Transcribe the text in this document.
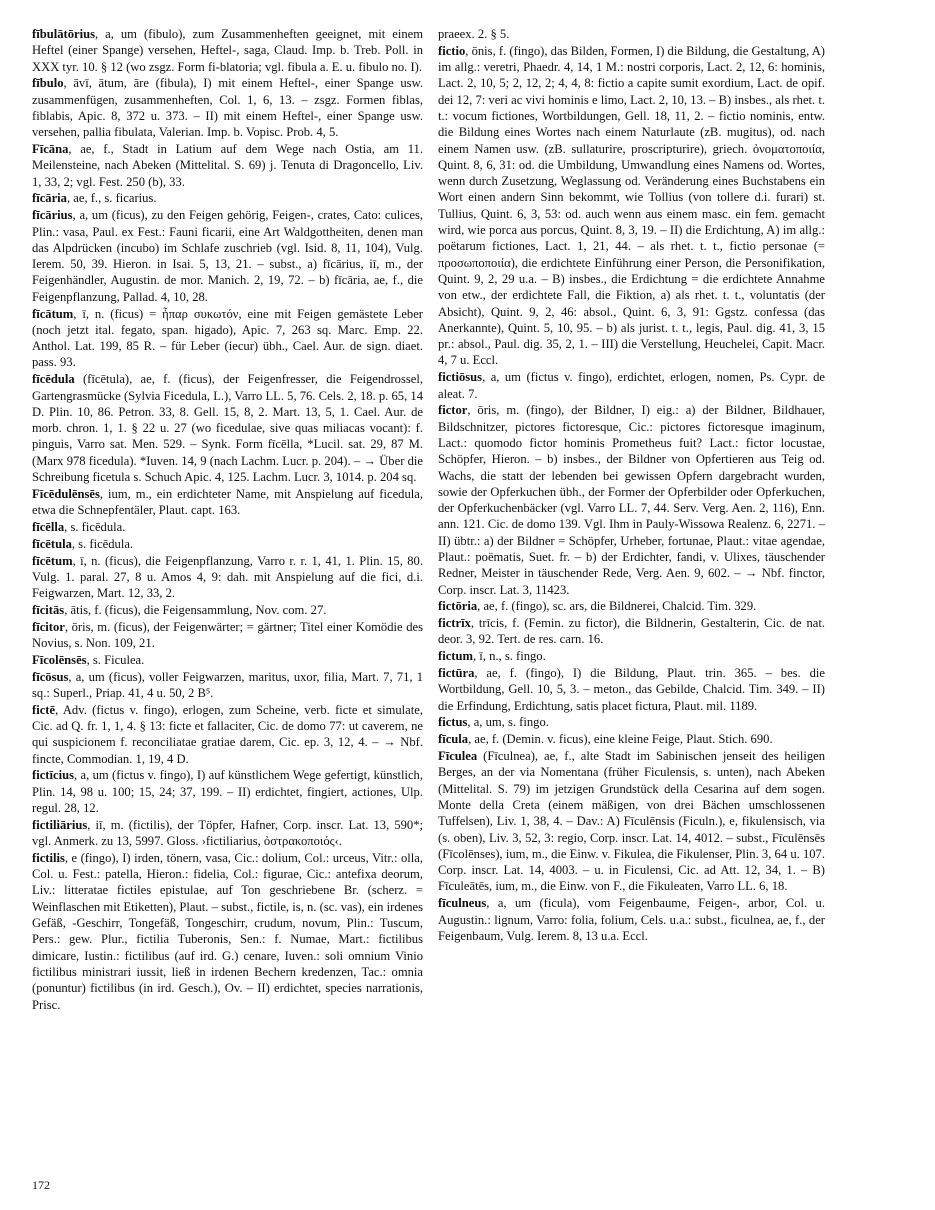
fībulātōrius, a, um (fibulo), zum Zusammenheften geeignet, mit einem Heftel (einer Spange) versehen, Heftel-, saga, Claud. Imp. b. Treb. Poll. in XXX tyr. 10. § 12 (wo zsgz. Form fi-blatoria; vgl. fibula a. E. u. fibulo no. I).
fībulo, āvī, ātum, āre (fibula), I) mit einem Heftel-, einer Spange usw. zusammenfügen, zusammenheften, Col. 1, 6, 13. – zsgz. Formen fiblas, fiblabis, Apic. 8, 372 u. 373. – II) mit einem Heftel-, einer Spange usw. versehen, pallia fibulata, Valerian. Imp. b. Vopisc. Prob. 4, 5.
Fīcāna, ae, f., Stadt in Latium auf dem Wege nach Ostia, am 11. Meilensteine, nach Abeken (Mittelital. S. 69) j. Tenuta di Dragoncello, Liv. 1, 33, 2; vgl. Fest. 250 (b), 33.
fīcāria, ae, f., s. ficarius.
fīcārius, a, um (ficus), zu den Feigen gehörig, Feigen-, crates, Cato: culices, Plin.: vasa, Paul. ex Fest.: Fauni ficarii, eine Art Waldgottheiten, denen man das Alpdrücken (incubo) im Schlafe zuschrieb (vgl. Isid. 8, 11, 104), Vulg. Ierem. 50, 39. Hieron. in Isai. 5, 13, 21. – subst., a) fīcārius, iī, m., der Feigenhändler, Augustin. de mor. Manich. 2, 19, 72. – b) fīcāria, ae, f., die Feigenpflanzung, Pallad. 4, 10, 28.
fīcātum, ī, n. (ficus) = ἧπαρ συκωτόν, eine mit Feigen gemästete Leber (noch jetzt ital. fegato, span. higado), Apic. 7, 263 sq. Marc. Emp. 22. Anthol. Lat. 199, 85 R. – für Leber (iecur) übh., Cael. Aur. de sign. diaet. pass. 93.
fīcēdula (fīcētula), ae, f. (ficus), der Feigenfresser, die Feigendrossel, Gartengrasmücke (Sylvia Ficedula, L.), Varro LL. 5, 76. Cels. 2, 18. p. 65, 14 D. Plin. 10, 86. Petron. 33, 8. Gell. 15, 8, 2. Mart. 13, 5, 1. Cael. Aur. de morb. chron. 1, 1. § 22 u. 27 (wo ficedulae, sive quas miliacas vocant): f. pinguis, Varro sat. Men. 529. – Synk. Form fīcēlla, *Lucil. sat. 29, 87 M. (Marx 978 ficedula). *Iuven. 14, 9 (nach Lachm. Lucr. p. 204). – → Über die Schreibung ficetula s. Schuch Apic. 4, 125. Lachm. Lucr. 3, 1014. p. 204 sq.
Fīcēdulēnsēs, ium, m., ein erdichteter Name, mit Anspielung auf ficedula, etwa die Schnepfentäler, Plaut. capt. 163.
fīcēlla, s. ficēdula.
fīcētula, s. ficēdula.
fīcētum, ī, n. (ficus), die Feigenpflanzung, Varro r. r. 1, 41, 1. Plin. 15, 80. Vulg. 1. paral. 27, 8 u. Amos 4, 9: dah. mit Anspielung auf die fici, d.i. Feigwarzen, Mart. 12, 33, 2.
fīcitās, ātis, f. (ficus), die Feigensammlung, Nov. com. 27.
fīcitor, ōris, m. (ficus), der Feigenwärter; = gärtner; Titel einer Komödie des Novius, s. Non. 109, 21.
Fīcolēnsēs, s. Ficulea.
fīcōsus, a, um (ficus), voller Feigwarzen, maritus, uxor, filia, Mart. 7, 71, 1 sq.: Superl., Priap. 41, 4 u. 50, 2 B⁵.
fictē, Adv. (fictus v. fingo), erlogen, zum Scheine, verb. ficte et simulate, Cic. ad Q. fr. 1, 1, 4. § 13: ficte et fallaciter, Cic. de domo 77: ut caverem, ne qui suspicionem f. reconciliatae gratiae darem, Cic. ep. 3, 12, 4. – → Nbf. fincte, Commodian. 1, 19, 4 D.
fictīcius, a, um (fictus v. fingo), I) auf künstlichem Wege gefertigt, künstlich, Plin. 14, 98 u. 100; 15, 24; 37, 199. – II) erdichtet, fingiert, actiones, Ulp. regul. 28, 12.
fictiliārius, iī, m. (fictilis), der Töpfer, Hafner, Corp. inscr. Lat. 13, 590*; vgl. Anmerk. zu 13, 5997. Gloss. ›fictiliarius, ὀστρακοποιός‹.
fictilis, e (fingo), I) irden, tönern, vasa, Cic.: dolium, Col.: urceus, Vitr.: olla, Col. u. Fest.: patella, Hieron.: fidelia, Col.: figurae, Cic.: antefixa deorum, Liv.: litteratae fictiles epistulae, auf Ton geschriebene Br. (scherz. = Weinflaschen mit Etiketten), Plaut. – subst., fictile, is, n. (sc. vas), ein irdenes Gefäß, -Geschirr, Tongefäß, Tongeschirr, crudum, novum, Plin.: Tuscum, Pers.: gew. Plur., fictilia Tuberonis, Sen.: f. Numae, Mart.: fictilibus dimicare, Iustin.: fictilibus (auf ird. G.) cenare, Iuven.: soli omnium Vinio fictilibus ministrari iussit, ließ in irdenen Bechern kredenzen, Tac.: omnia (ponuntur) fictilibus (in ird. Gesch.), Ov. – II) erdichtet, species narrationis, Prisc.
praeex. 2. § 5.
fictio, ōnis, f. (fingo), das Bilden, Formen, I) die Bildung, die Gestaltung, A) im allg.: veretri, Phaedr. 4, 14, 1 M.: nostri corporis, Lact. 2, 12, 6: hominis, Lact. 2, 10, 5; 2, 12, 2; 4, 4, 8: fictio a capite sumit exordium, Lact. de opif. dei 12, 7: veri ac vivi hominis e limo, Lact. 2, 10, 13. – B) insbes., als rhet. t. t.: vocum fictiones, Wortbildungen, Gell. 18, 11, 2. – fictio nominis, entw. die Bildung eines Wortes nach einem Naturlaute (zB. mugitus), od. nach einem Namen usw. (zB. sullaturire, proscripturire), griech. ὀνοματοποιία, Quint. 8, 6, 31: od. die Umbildung, Umwandlung eines Namens od. Wortes, wenn durch Zusetzung, Weglassung od. Veränderung eines Buchstabens ein Wort einen andern Sinn bekommt, wie Tollius (von tollere d.i. furari) st. Tullius, Quint. 6, 3, 53: od. auch wenn aus einem masc. ein fem. gemacht wird, wie porca aus porcus, Quint. 8, 3, 19. – II) die Erdichtung, A) im allg.: poëtarum fictiones, Lact. 1, 21, 44. – als rhet. t. t., fictio personae (= προσωποποιία), die erdichtete Einführung einer Person, die Personifikation, Quint. 9, 2, 29 u.a. – B) insbes., die Erdichtung = die erdichtete Annahme von etw., der erdichtete Fall, die Fiktion, a) als rhet. t. t., voluntatis (der Absicht), Quint. 9, 2, 46: absol., Quint. 6, 3, 91: Ggstz. confessa (das Anerkannte), Quint. 5, 10, 95. – b) als jurist. t. t., legis, Paul. dig. 41, 3, 15 pr.: absol., Paul. dig. 35, 2, 1. – III) die Verstellung, Heuchelei, Capit. Macr. 4, 7 u. Eccl.
fictiōsus, a, um (fictus v. fingo), erdichtet, erlogen, nomen, Ps. Cypr. de aleat. 7.
fictor, ōris, m. (fingo), der Bildner, I) eig.: a) der Bildner, Bildhauer, Bildschnitzer, pictores fictoresque, Cic.: pictores fictoresque imaginum, Lact.: quomodo fictor hominis Prometheus fuit? Lact.: fictor locustae, Schöpfer, Hieron. – b) insbes., der Bildner von Opfertieren aus Teig od. Wachs, die statt der lebenden bei gewissen Opfern dargebracht wurden, sowie der Opferkuchen übh., der Former der Opferbilder oder Opferkuchen, der Opferkuchenbäcker (vgl. Varro LL. 7, 44. Serv. Verg. Aen. 2, 116), Enn. ann. 121. Cic. de domo 139. Vgl. Ihm in Pauly-Wissowa Realenz. 6, 2271. – II) übtr.: a) der Bildner = Schöpfer, Urheber, fortunae, Plaut.: vitae agendae, Plaut.: poëmatis, Suet. fr. – b) der Erdichter, fandi, v. Ulixes, täuschender Redner, Meister in täuschender Rede, Verg. Aen. 9, 602. – → Nbf. finctor, Corp. inscr. Lat. 3, 11423.
fictōria, ae, f. (fingo), sc. ars, die Bildnerei, Chalcid. Tim. 329.
fictrīx, trīcis, f. (Femin. zu fictor), die Bildnerin, Gestalterin, Cic. de nat. deor. 3, 92. Tert. de res. carn. 16.
fictum, ī, n., s. fingo.
fictūra, ae, f. (fingo), I) die Bildung, Plaut. trin. 365. – bes. die Wortbildung, Gell. 10, 5, 3. – meton., das Gebilde, Chalcid. Tim. 349. – II) die Erfindung, Erdichtung, satis placet fictura, Plaut. mil. 1189.
fictus, a, um, s. fingo.
fīcula, ae, f. (Demin. v. ficus), eine kleine Feige, Plaut. Stich. 690.
Fīculea (Fīculnea), ae, f., alte Stadt im Sabinischen jenseit des heiligen Berges, an der via Nomentana (früher Ficulensis, s. unten), nach Abeken (Mittelital. S. 79) im jetzigen Grundstück della Cesarina auf dem sogen. Monte della Creta (einem mäßigen, von drei Bächen umschlossenen Tuffelsen), Liv. 1, 38, 4. – Dav.: A) Fīculēnsis (Ficuln.), e, fikulensisch, via (s. oben), Liv. 3, 52, 3: regio, Corp. inscr. Lat. 14, 4012. – subst., Fīculēnsēs (Fīcolēnses), ium, m., die Einw. v. Fikulea, die Fikulenser, Plin. 3, 64 u. 107. Corp. inscr. Lat. 14, 4003. – u. in Ficulensi, Cic. ad Att. 12, 34, 1. – B) Fīculeātēs, ium, m., die Einw. von F., die Fikuleaten, Varro LL. 6, 18.
fīculneus, a, um (ficula), vom Feigenbaume, Feigen-, arbor, Col. u. Augustin.: lignum, Varro: folia, folium, Cels. u.a.: subst., ficulnea, ae, f., der Feigenbaum, Vulg. Ierem. 8, 13 u.a. Eccl.
172
